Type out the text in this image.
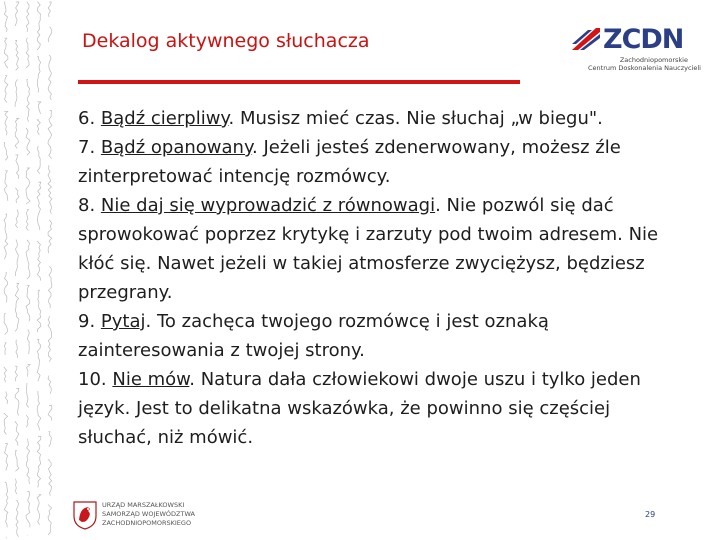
Dekalog aktywnego słuchacza	ZCDN
Zachodniopomorskie
Centrum Doskonalenia Nauczycieli

6. Bądź cierpliwy. Musisz mieć czas. Nie słuchaj „w biegu".

7. Bądź opanowany. Jeżeli jesteś zdenerwowany, możesz źle zinterpretować intencję rozmówcy.

8. Nie daj się wyprowadzić z równowagi. Nie pozwól się dać sprowokować poprzez krytykę i zarzuty pod twoim adresem. Nie kłóć się. Nawet jeżeli w takiej atmosferze zwyciężysz, będziesz przegrany.

9. Pytaj. To zachęca twojego rozmówcę i jest oznaką zainteresowania z twojej strony.

10. Nie mów. Natura dała człowiekowi dwoje uszu i tylko jeden język. Jest to delikatna wskazówka, że powinno się częściej słuchać, niż mówić.

URZĄD MARSZAŁKOWSKI
SAMORZĄD WOJEWÓDZTWA
ZACHODNIOPOMORSKIEGO
29
